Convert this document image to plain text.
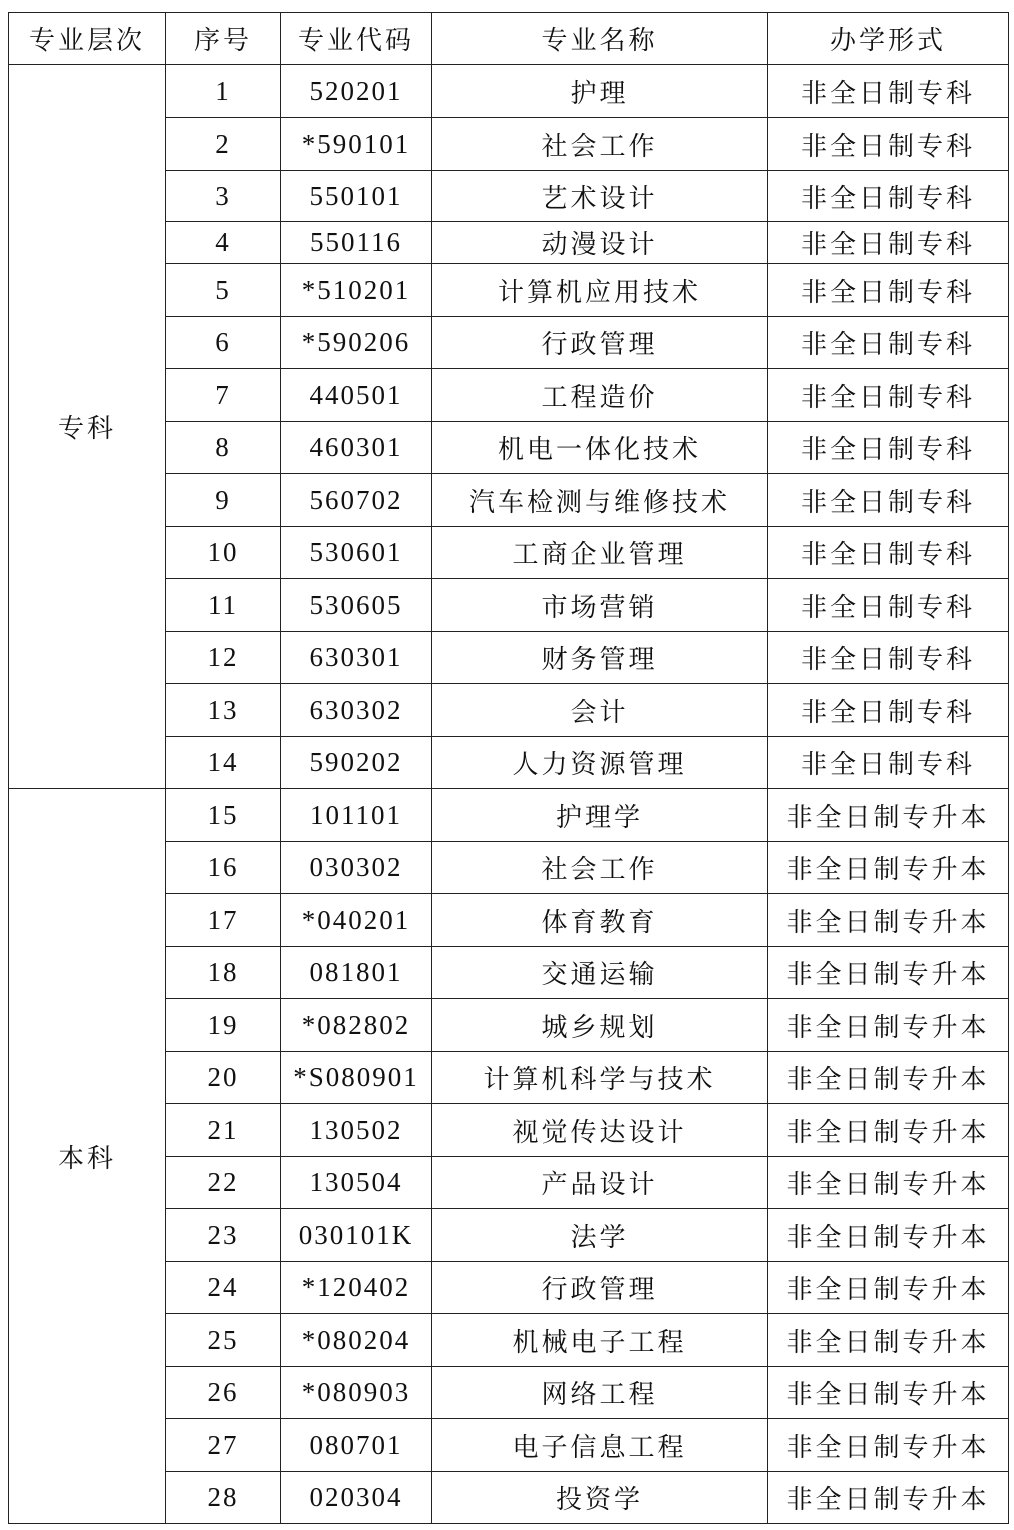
专业层次	序号	专业代码	专业名称	办学形式
专科	1	520201	护理	非全日制专科
	2	*590101	社会工作	非全日制专科
	3	550101	艺术设计	非全日制专科
	4	550116	动漫设计	非全日制专科
	5	*510201	计算机应用技术	非全日制专科
	6	*590206	行政管理	非全日制专科
	7	440501	工程造价	非全日制专科
	8	460301	机电一体化技术	非全日制专科
	9	560702	汽车检测与维修技术	非全日制专科
	10	530601	工商企业管理	非全日制专科
	11	530605	市场营销	非全日制专科
	12	630301	财务管理	非全日制专科
	13	630302	会计	非全日制专科
	14	590202	人力资源管理	非全日制专科
本科	15	101101	护理学	非全日制专升本
	16	030302	社会工作	非全日制专升本
	17	*040201	体育教育	非全日制专升本
	18	081801	交通运输	非全日制专升本
	19	*082802	城乡规划	非全日制专升本
	20	*S080901	计算机科学与技术	非全日制专升本
	21	130502	视觉传达设计	非全日制专升本
	22	130504	产品设计	非全日制专升本
	23	030101K	法学	非全日制专升本
	24	*120402	行政管理	非全日制专升本
	25	*080204	机械电子工程	非全日制专升本
	26	*080903	网络工程	非全日制专升本
	27	080701	电子信息工程	非全日制专升本
	28	020304	投资学	非全日制专升本
